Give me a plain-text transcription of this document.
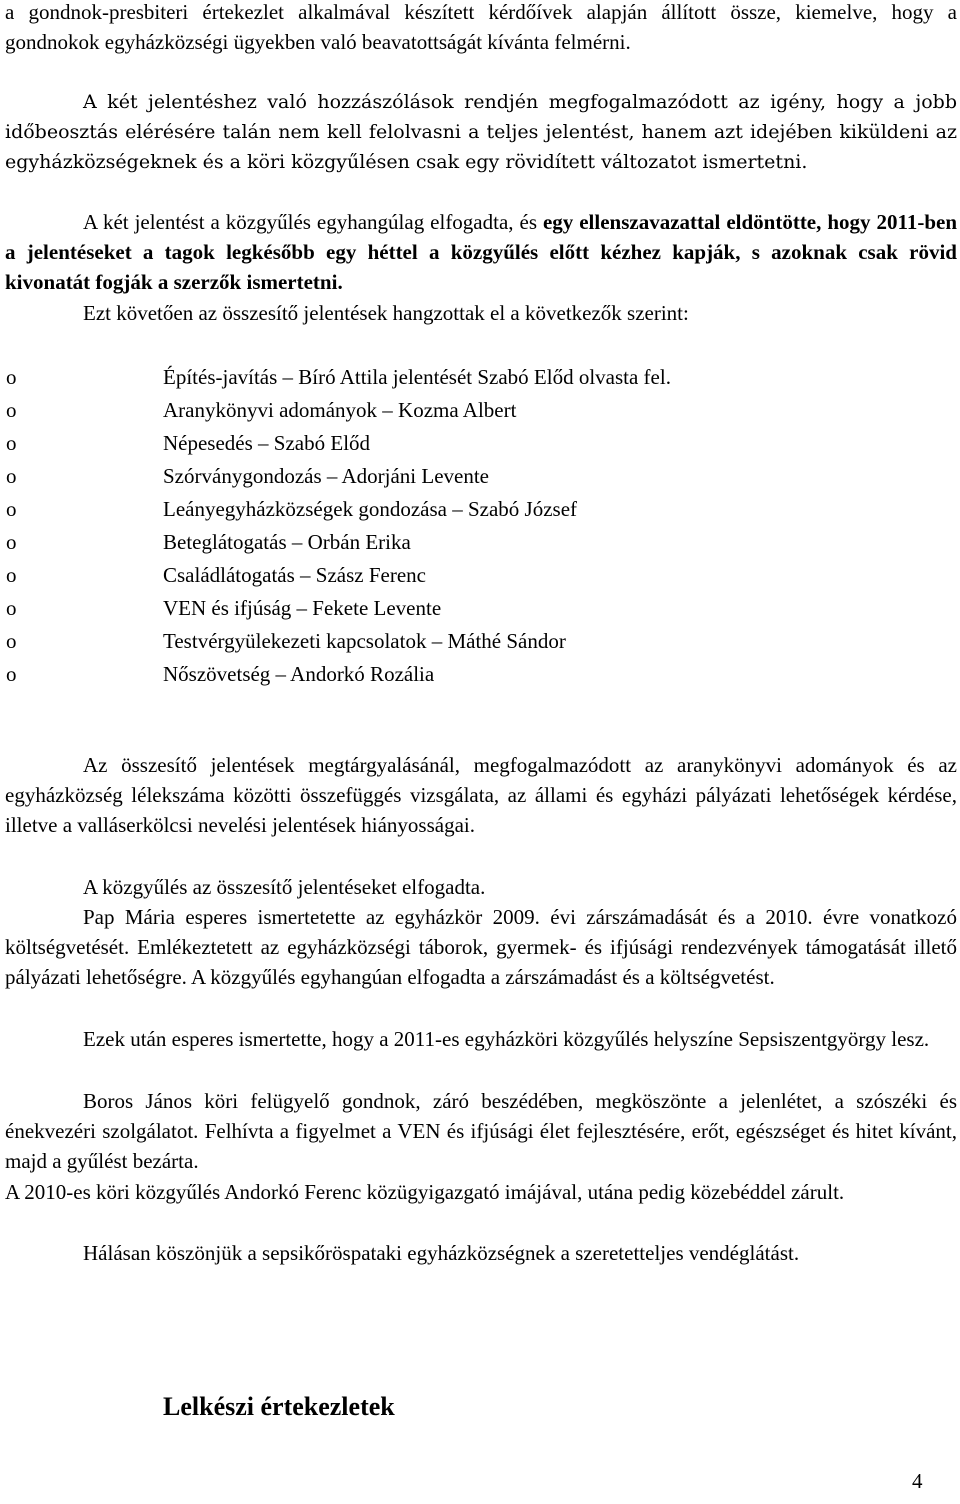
a gondnok-presbiteri értekezlet alkalmával készített kérdőívek alapján állított össze, kiemelve, hogy a gondnokok egyházközségi ügyekben való beavatottságát kívánta felmérni.

A két jelentéshez való hozzászólások rendjén megfogalmazódott az igény, hogy a jobb időbeosztás elérésére talán nem kell felolvasni a teljes jelentést, hanem azt idejében kiküldeni az egyházközségeknek és a köri közgyűlésen csak egy rövidített változatot ismertetni.

A két jelentést a közgyűlés egyhangúlag elfogadta, és egy ellenszavazattal eldöntötte, hogy 2011-ben a jelentéseket a tagok legkésőbb egy héttel a közgyűlés előtt kézhez kapják, s azoknak csak rövid kivonatát fogják a szerzők ismertetni.

Ezt követően az összesítő jelentések hangzottak el a következők szerint:

o	Építés-javítás – Bíró Attila jelentését Szabó Előd olvasta fel.
o	Aranykönyvi adományok – Kozma Albert
o	Népesedés – Szabó Előd
o	Szórványgondozás – Adorjáni Levente
o	Leányegyházközségek gondozása – Szabó József
o	Beteglátogatás – Orbán Erika
o	Családlátogatás – Szász Ferenc
o	VEN és ifjúság – Fekete Levente
o	Testvérgyülekezeti kapcsolatok – Máthé Sándor
o	Nőszövetség – Andorkó Rozália

Az összesítő jelentések megtárgyalásánál, megfogalmazódott az aranykönyvi adományok és az egyházközség lélekszáma közötti összefüggés vizsgálata, az állami és egyházi pályázati lehetőségek kérdése, illetve a valláserkölcsi nevelési jelentések hiányosságai.

A közgyűlés az összesítő jelentéseket elfogadta.

Pap Mária esperes ismertetette az egyházkör 2009. évi zárszámadását és a 2010. évre vonatkozó költségvetését. Emlékeztetett az egyházközségi táborok, gyermek- és ifjúsági rendezvények támogatását illető pályázati lehetőségre. A közgyűlés egyhangúan elfogadta a zárszámadást és a költségvetést.

Ezek után esperes ismertette, hogy a 2011-es egyházköri közgyűlés helyszíne Sepsiszentgyörgy lesz.

Boros János köri felügyelő gondnok, záró beszédében, megköszönte a jelenlétet, a szószéki és énekvezéri szolgálatot. Felhívta a figyelmet a VEN és ifjúsági élet fejlesztésére, erőt, egészséget és hitet kívánt, majd a gyűlést bezárta.

A 2010-es köri közgyűlés Andorkó Ferenc közügyigazgató imájával, utána pedig közebéddel zárult.

Hálásan köszönjük a sepsikőröspataki egyházközségnek a szeretetteljes vendéglátást.

Lelkészi értekezletek
4
